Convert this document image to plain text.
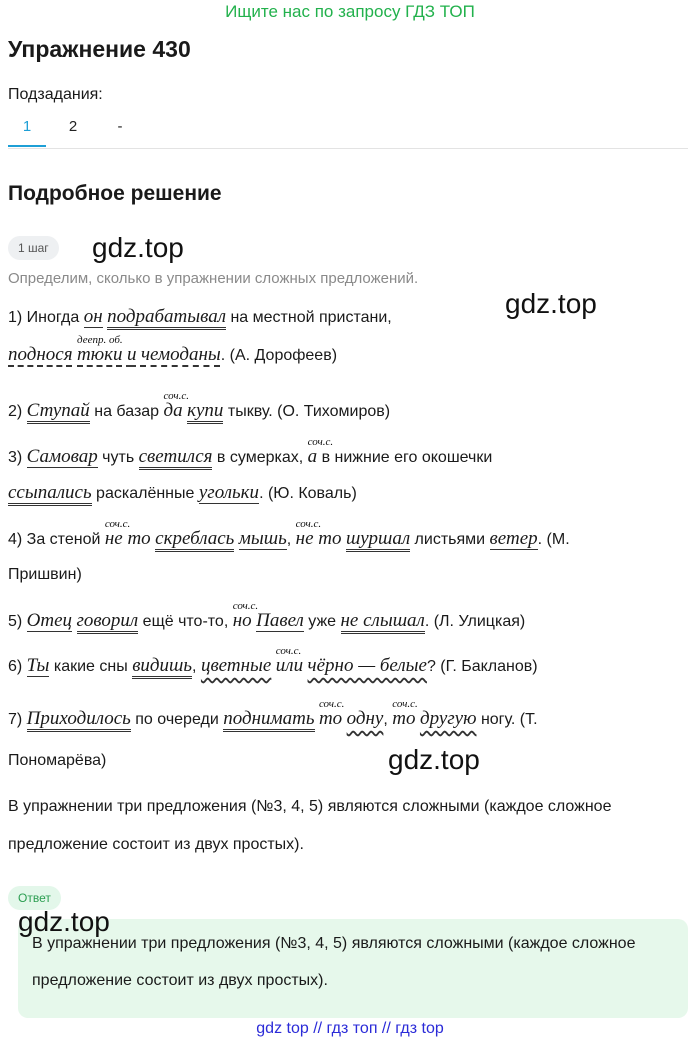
Ищите нас по запросу ГДЗ ТОП
Упражнение 430
Подзадания:
1	2	-
Подробное решение
1 шаг	gdz.top
Определим, сколько в упражнении сложных предложений.
gdz.top
1) Иногда он подрабатывал на местной пристани,
поднося
деепр. об.
тюки и чемоданы. (А. Дорофеев)
2) Ступай на базар
соч.с.
да купи тыкву. (О. Тихомиров)
3) Самовар чуть светился в сумерках,
соч.с.
а в нижние его окошечки
ссыпались раскалённые угольки. (Ю. Коваль)
4) За стеной
соч.с.
не то скреблась мышь,
соч.с.
не то шуршал листьями ветер. (М.
Пришвин)
5) Отец говорил ещё что-то,
соч.с.
но Павел уже не слышал. (Л. Улицкая)
6) Ты какие сны видишь, цветные
соч.с.
или чёрно — белые? (Г. Бакланов)
7) Приходилось по очереди поднимать
соч.с.
то одну,
соч.с.
то другую ногу. (Т.
Пономарёва)	gdz.top
В упражнении три предложения (№3, 4, 5) являются сложными (каждое сложное предложение состоит из двух простых).
Ответ
В упражнении три предложения (№3, 4, 5) являются сложными (каждое сложное предложение состоит из двух простых).
gdz.top
gdz top // гдз топ // гдз top
